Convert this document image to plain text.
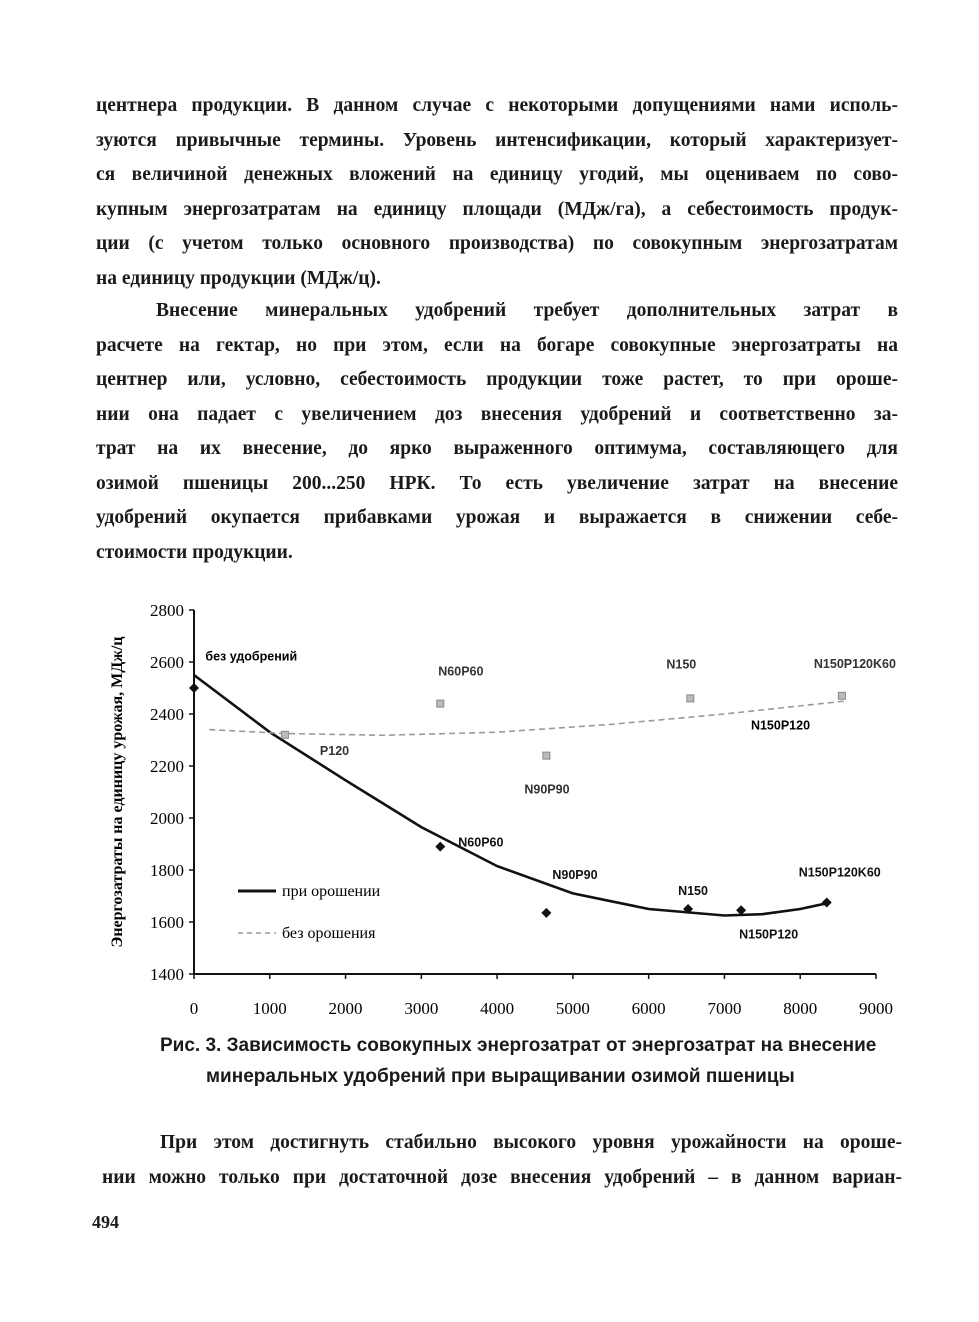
центнера продукции. В данном случае с некоторыми допущениями нами исполь-
зуются привычные термины. Уровень интенсификации, который характеризует-
ся величиной денежных вложений на единицу угодий, мы оцениваем по сово-
купным энергозатратам на единицу площади (МДж/га), а себестоимость продук-
ции (с учетом только основного производства) по совокупным энергозатратам
на единицу продукции (МДж/ц).
Внесение минеральных удобрений требует дополнительных затрат в
расчете на гектар, но при этом, если на богаре совокупные энергозатраты на
центнер или, условно, себестоимость продукции тоже растет, то при ороше-
нии она падает с увеличением доз внесения удобрений и соответственно за-
трат на их внесение, до ярко выраженного оптимума, составляющего для
озимой пшеницы 200...250 НРК. То есть увеличение затрат на внесение
удобрений окупается прибавками урожая и выражается в снижении себе-
стоимости продукции.
1400
1600
1800
2000
2200
2400
2600
2800
0	1000 2000 3000 4000 5000 6000 7000 8000 9000
Энергозатраты на единицу урожая, МДж/ц	N60P60
N90P90
N150
N150P120
N150P120K60
P120
N60P60
N90P90
N150	N150P120K60
без удобрений
N150P120
при орошении
без орошения

Рис. 3. Зависимость совокупных энергозатрат от энергозатрат на внесение
минеральных удобрений при выращивании озимой пшеницы

При этом достигнуть стабильно высокого уровня урожайности на ороше-
нии можно только при достаточной дозе внесения удобрений – в данном вариан-
494
